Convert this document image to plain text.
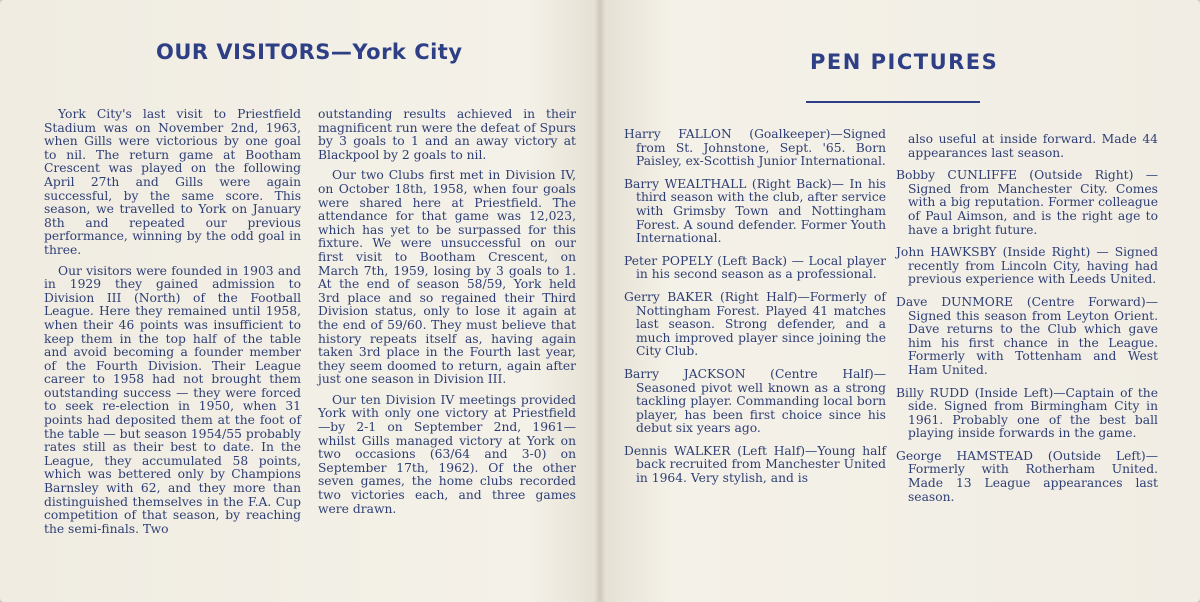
OUR VISITORS—York City

York City's last visit to Priestfield Stadium was on November 2nd, 1963, when Gills were victorious by one goal to nil. The return game at Bootham Crescent was played on the following April 27th and Gills were again successful, by the same score. This season, we travelled to York on January 8th and repeated our previous performance, winning by the odd goal in three.

Our visitors were founded in 1903 and in 1929 they gained admission to Division III (North) of the Football League. Here they remained until 1958, when their 46 points was insufficient to keep them in the top half of the table and avoid becoming a founder member of the Fourth Division. Their League career to 1958 had not brought them outstanding success — they were forced to seek re-election in 1950, when 31 points had deposited them at the foot of the table — but season 1954/55 probably rates still as their best to date. In the League, they accumulated 58 points, which was bettered only by Champions Barnsley with 62, and they more than distinguished themselves in the F.A. Cup competition of that season, by reaching the semi-finals. Two

outstanding results achieved in their magnificent run were the defeat of Spurs by 3 goals to 1 and an away victory at Blackpool by 2 goals to nil.

Our two Clubs first met in Division IV, on October 18th, 1958, when four goals were shared here at Priestfield. The attendance for that game was 12,023, which has yet to be surpassed for this fixture. We were unsuccessful on our first visit to Bootham Crescent, on March 7th, 1959, losing by 3 goals to 1. At the end of season 58/59, York held 3rd place and so regained their Third Division status, only to lose it again at the end of 59/60. They must believe that history repeats itself as, having again taken 3rd place in the Fourth last year, they seem doomed to return, again after just one season in Division III.

Our ten Division IV meetings provided York with only one victory at Priestfield—by 2-1 on September 2nd, 1961—whilst Gills managed victory at York on two occasions (63/64 and 3-0) on September 17th, 1962). Of the other seven games, the home clubs recorded two victories each, and three games were drawn.

PEN PICTURES

Harry FALLON (Goalkeeper)—Signed from St. Johnstone, Sept. '65. Born Paisley, ex-Scottish Junior International.

Barry WEALTHALL (Right Back)— In his third season with the club, after service with Grimsby Town and Nottingham Forest. A sound defender. Former Youth International.

Peter POPELY (Left Back) — Local player in his second season as a professional.

Gerry BAKER (Right Half)—Formerly of Nottingham Forest. Played 41 matches last season. Strong defender, and a much improved player since joining the City Club.

Barry JACKSON (Centre Half)— Seasoned pivot well known as a strong tackling player. Commanding local born player, has been first choice since his debut six years ago.

Dennis WALKER (Left Half)—Young half back recruited from Manchester United in 1964. Very stylish, and is

also useful at inside forward. Made 44 appearances last season.

Bobby CUNLIFFE (Outside Right) — Signed from Manchester City. Comes with a big reputation. Former colleague of Paul Aimson, and is the right age to have a bright future.

John HAWKSBY (Inside Right) — Signed recently from Lincoln City, having had previous experience with Leeds United.

Dave DUNMORE (Centre Forward)— Signed this season from Leyton Orient. Dave returns to the Club which gave him his first chance in the League. Formerly with Tottenham and West Ham United.

Billy RUDD (Inside Left)—Captain of the side. Signed from Birmingham City in 1961. Probably one of the best ball playing inside forwards in the game.

George HAMSTEAD (Outside Left)— Formerly with Rotherham United. Made 13 League appearances last season.
